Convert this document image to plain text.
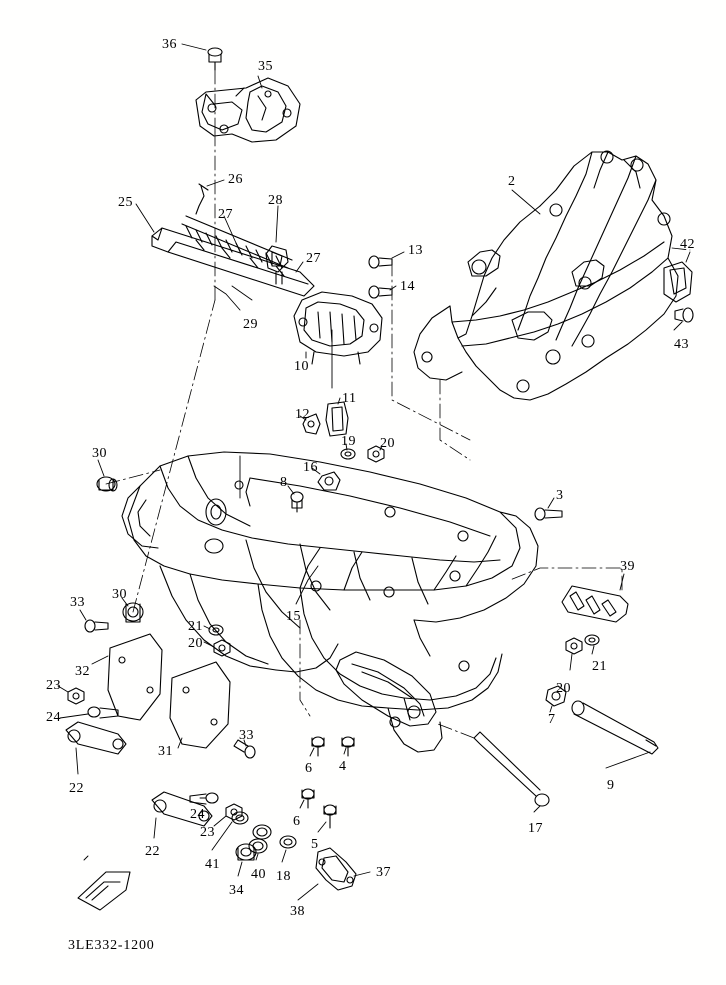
36
35
2
26
25
27
28
42
13
27
14
43
29
10
11
12
19 20
30
16
8
3
39
15
33
30
21
20
32
23
21
20
24	7
33
31
6 4
22	9
6	17
24
23
5
22
41
40 18	37
34
38
3LE332-1200
